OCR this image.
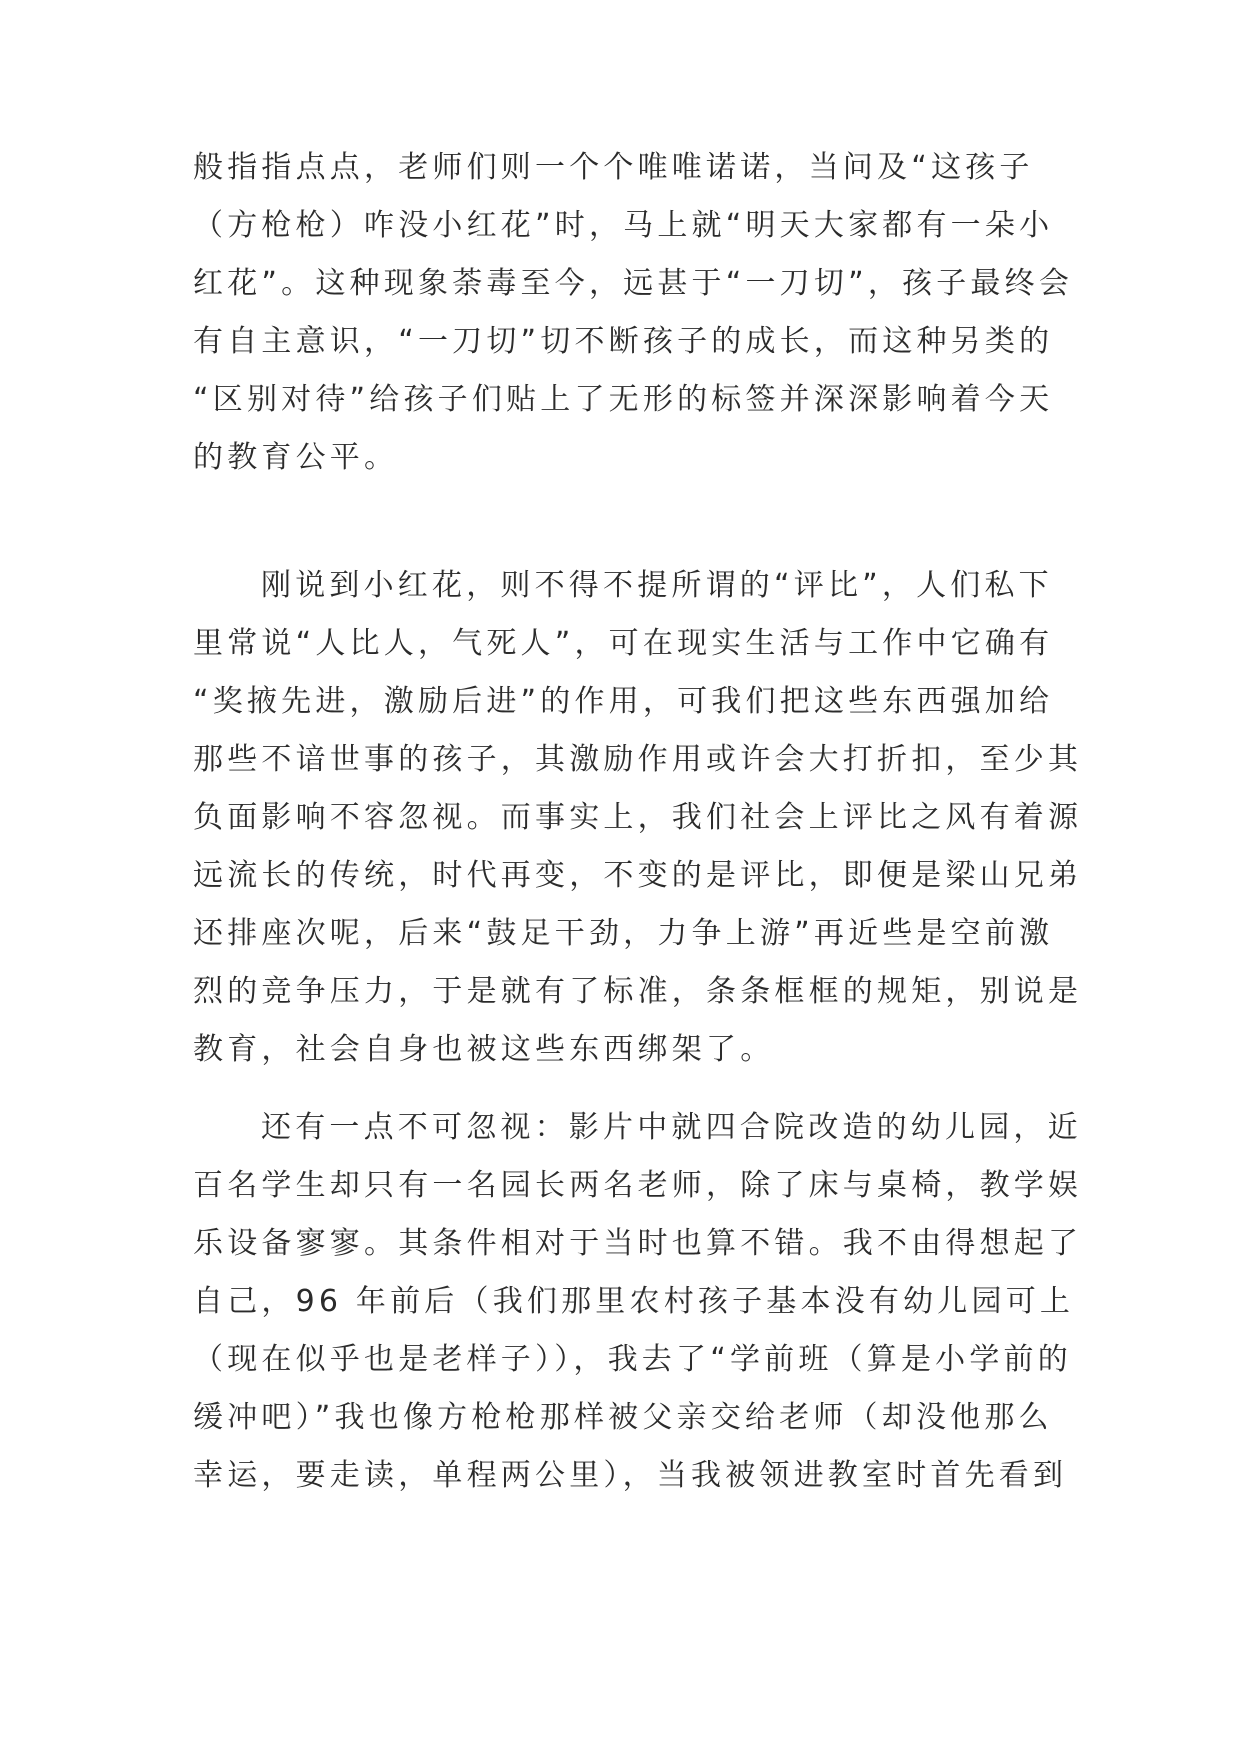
般指指点点，老师们则一个个唯唯诺诺，当问及“这孩子
（方枪枪）咋没小红花”时，马上就“明天大家都有一朵小
红花”。这种现象荼毒至今，远甚于“一刀切”，孩子最终会
有自主意识，“一刀切”切不断孩子的成长，而这种另类的
“区别对待”给孩子们贴上了无形的标签并深深影响着今天
的教育公平。
刚说到小红花，则不得不提所谓的“评比”，人们私下
里常说“人比人，气死人”，可在现实生活与工作中它确有
“奖掖先进，激励后进”的作用，可我们把这些东西强加给
那些不谙世事的孩子，其激励作用或许会大打折扣，至少其
负面影响不容忽视。而事实上，我们社会上评比之风有着源
远流长的传统，时代再变，不变的是评比，即便是梁山兄弟
还排座次呢，后来“鼓足干劲，力争上游”再近些是空前激
烈的竞争压力，于是就有了标准，条条框框的规矩，别说是
教育，社会自身也被这些东西绑架了。
还有一点不可忽视：影片中就四合院改造的幼儿园，近
百名学生却只有一名园长两名老师，除了床与桌椅，教学娱
乐设备寥寥。其条件相对于当时也算不错。我不由得想起了
自己，96 年前后（我们那里农村孩子基本没有幼儿园可上
（现在似乎也是老样子）），我去了“学前班（算是小学前的
缓冲吧）”我也像方枪枪那样被父亲交给老师（却没他那么
幸运，要走读，单程两公里），当我被领进教室时首先看到
